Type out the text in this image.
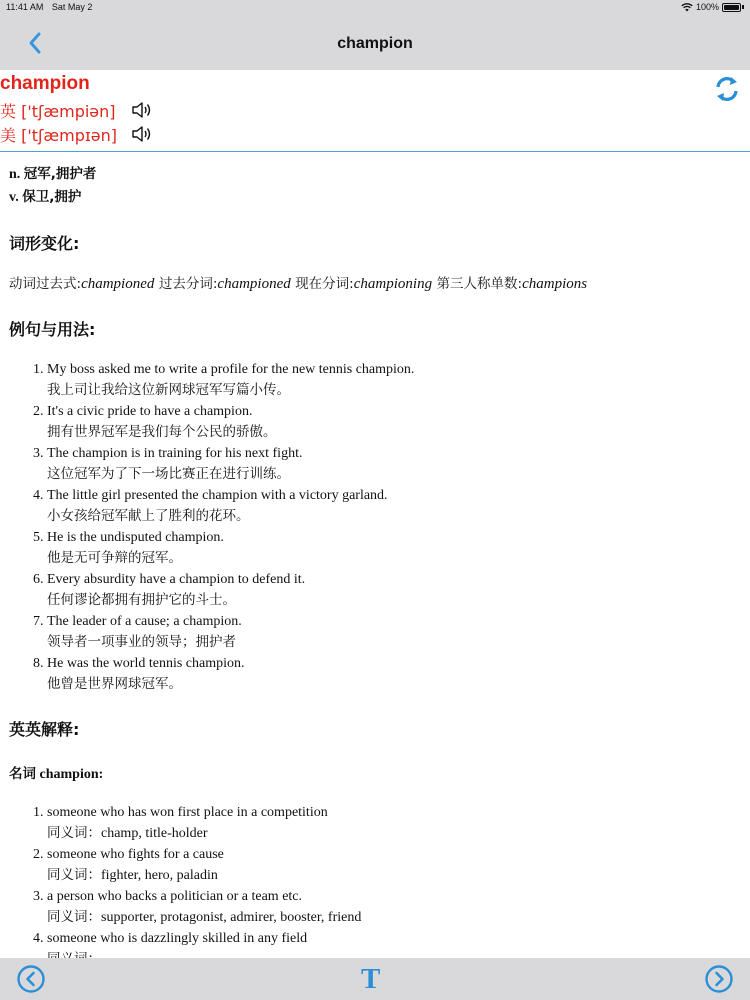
11:41 AM Sat May 2	100%
champion
champion
英 ['tʃæmpiən]
美 ['tʃæmpɪən]
n. 冠军,拥护者
v. 保卫,拥护
词形变化:
动词过去式:championed 过去分词:championed 现在分词:championing 第三人称单数:champions
例句与用法:
1. My boss asked me to write a profile for the new tennis champion.
我上司让我给这位新网球冠军写篇小传。
2. It's a civic pride to have a champion.
拥有世界冠军是我们每个公民的骄傲。
3. The champion is in training for his next fight.
这位冠军为了下一场比赛正在进行训练。
4. The little girl presented the champion with a victory garland.
小女孩给冠军献上了胜利的花环。
5. He is the undisputed champion.
他是无可争辩的冠军。
6. Every absurdity have a champion to defend it.
任何谬论都拥有拥护它的斗士。
7. The leader of a cause; a champion.
领导者一项事业的领导；拥护者
8. He was the world tennis champion.
他曾是世界网球冠军。
英英解释:
名词 champion:
1. someone who has won first place in a competition
同义词：champ, title-holder
2. someone who fights for a cause
同义词：fighter, hero, paladin
3. a person who backs a politician or a team etc.
同义词：supporter, protagonist, admirer, booster, friend
4. someone who is dazzlingly skilled in any field
T
